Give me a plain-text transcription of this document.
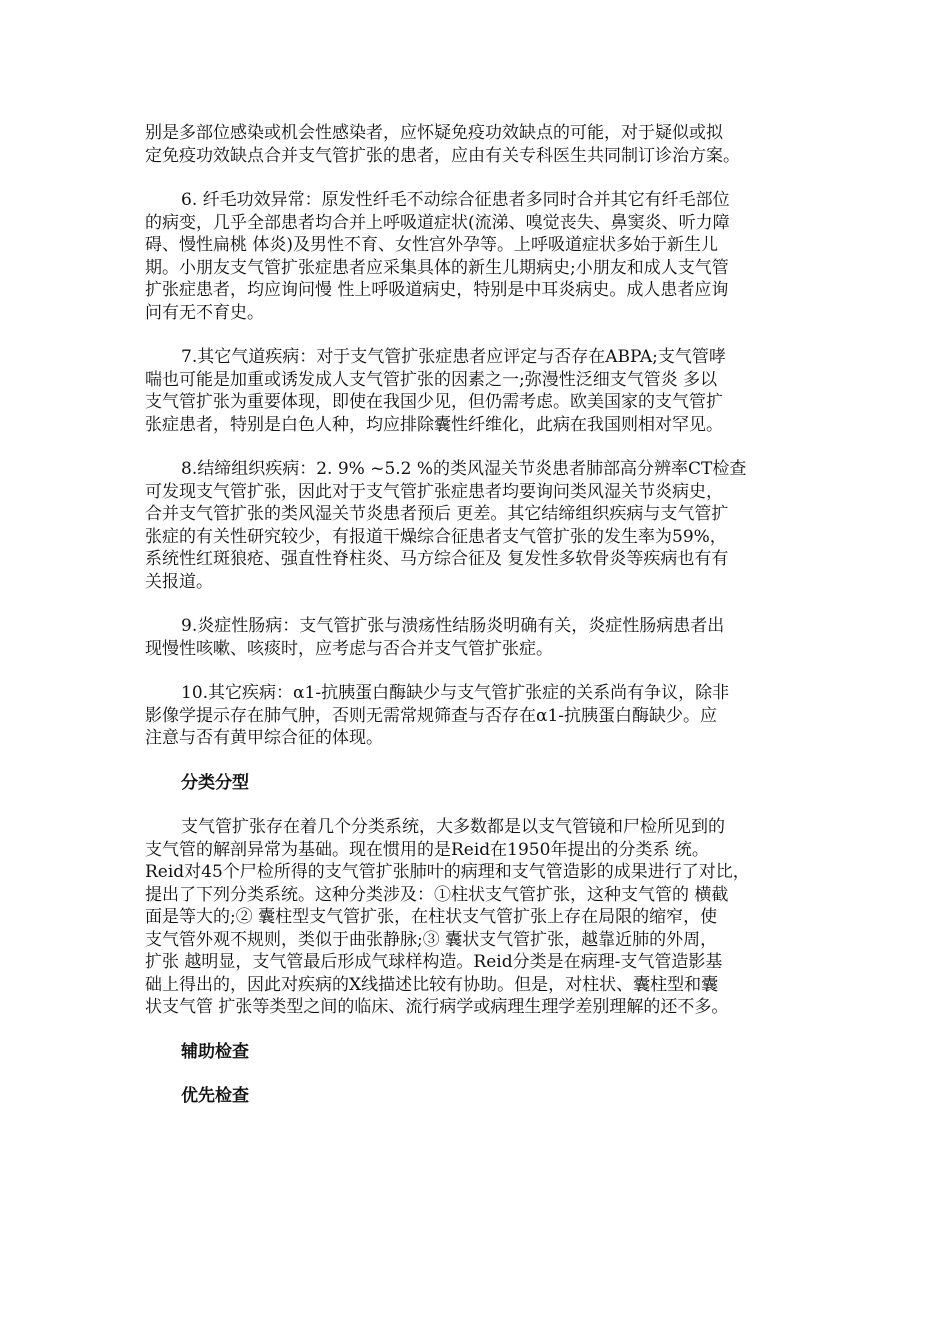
别是多部位感染或机会性感染者，应怀疑免疫功效缺点的可能，对于疑似或拟
定免疫功效缺点合并支气管扩张的患者，应由有关专科医生共同制订诊治方案。
6. 纤毛功效异常：原发性纤毛不动综合征患者多同时合并其它有纤毛部位
的病变，几乎全部患者均合并上呼吸道症状(流涕、嗅觉丧失、鼻窦炎、听力障
碍、慢性扁桃 体炎)及男性不育、女性宫外孕等。上呼吸道症状多始于新生儿
期。小朋友支气管扩张症患者应采集具体的新生儿期病史;小朋友和成人支气管
扩张症患者，均应询问慢 性上呼吸道病史，特别是中耳炎病史。成人患者应询
问有无不育史。
7.其它气道疾病：对于支气管扩张症患者应评定与否存在ABPA;支气管哮
喘也可能是加重或诱发成人支气管扩张的因素之一;弥漫性泛细支气管炎 多以
支气管扩张为重要体现，即使在我国少见，但仍需考虑。欧美国家的支气管扩
张症患者，特别是白色人种，均应排除囊性纤维化，此病在我国则相对罕见。
8.结缔组织疾病：2. 9% ~5.2 %的类风湿关节炎患者肺部高分辨率CT检查
可发现支气管扩张，因此对于支气管扩张症患者均要询问类风湿关节炎病史，
合并支气管扩张的类风湿关节炎患者预后 更差。其它结缔组织疾病与支气管扩
张症的有关性研究较少，有报道干燥综合征患者支气管扩张的发生率为59%，
系统性红斑狼疮、强直性脊柱炎、马方综合征及 复发性多软骨炎等疾病也有有
关报道。
9.炎症性肠病：支气管扩张与溃疡性结肠炎明确有关，炎症性肠病患者出
现慢性咳嗽、咳痰时，应考虑与否合并支气管扩张症。
10.其它疾病：α1-抗胰蛋白酶缺少与支气管扩张症的关系尚有争议，除非
影像学提示存在肺气肿，否则无需常规筛查与否存在α1-抗胰蛋白酶缺少。应
注意与否有黄甲综合征的体现。
分类分型
支气管扩张存在着几个分类系统，大多数都是以支气管镜和尸检所见到的
支气管的解剖异常为基础。现在惯用的是Reid在1950年提出的分类系 统。
Reid对45个尸检所得的支气管扩张肺叶的病理和支气管造影的成果进行了对比，
提出了下列分类系统。这种分类涉及：①柱状支气管扩张，这种支气管的 横截
面是等大的;② 囊柱型支气管扩张，在柱状支气管扩张上存在局限的缩窄，使
支气管外观不规则，类似于曲张静脉;③ 囊状支气管扩张，越靠近肺的外周，
扩张 越明显，支气管最后形成气球样构造。Reid分类是在病理-支气管造影基
础上得出的，因此对疾病的X线描述比较有协助。但是，对柱状、囊柱型和囊
状支气管 扩张等类型之间的临床、流行病学或病理生理学差别理解的还不多。
辅助检查
优先检查
